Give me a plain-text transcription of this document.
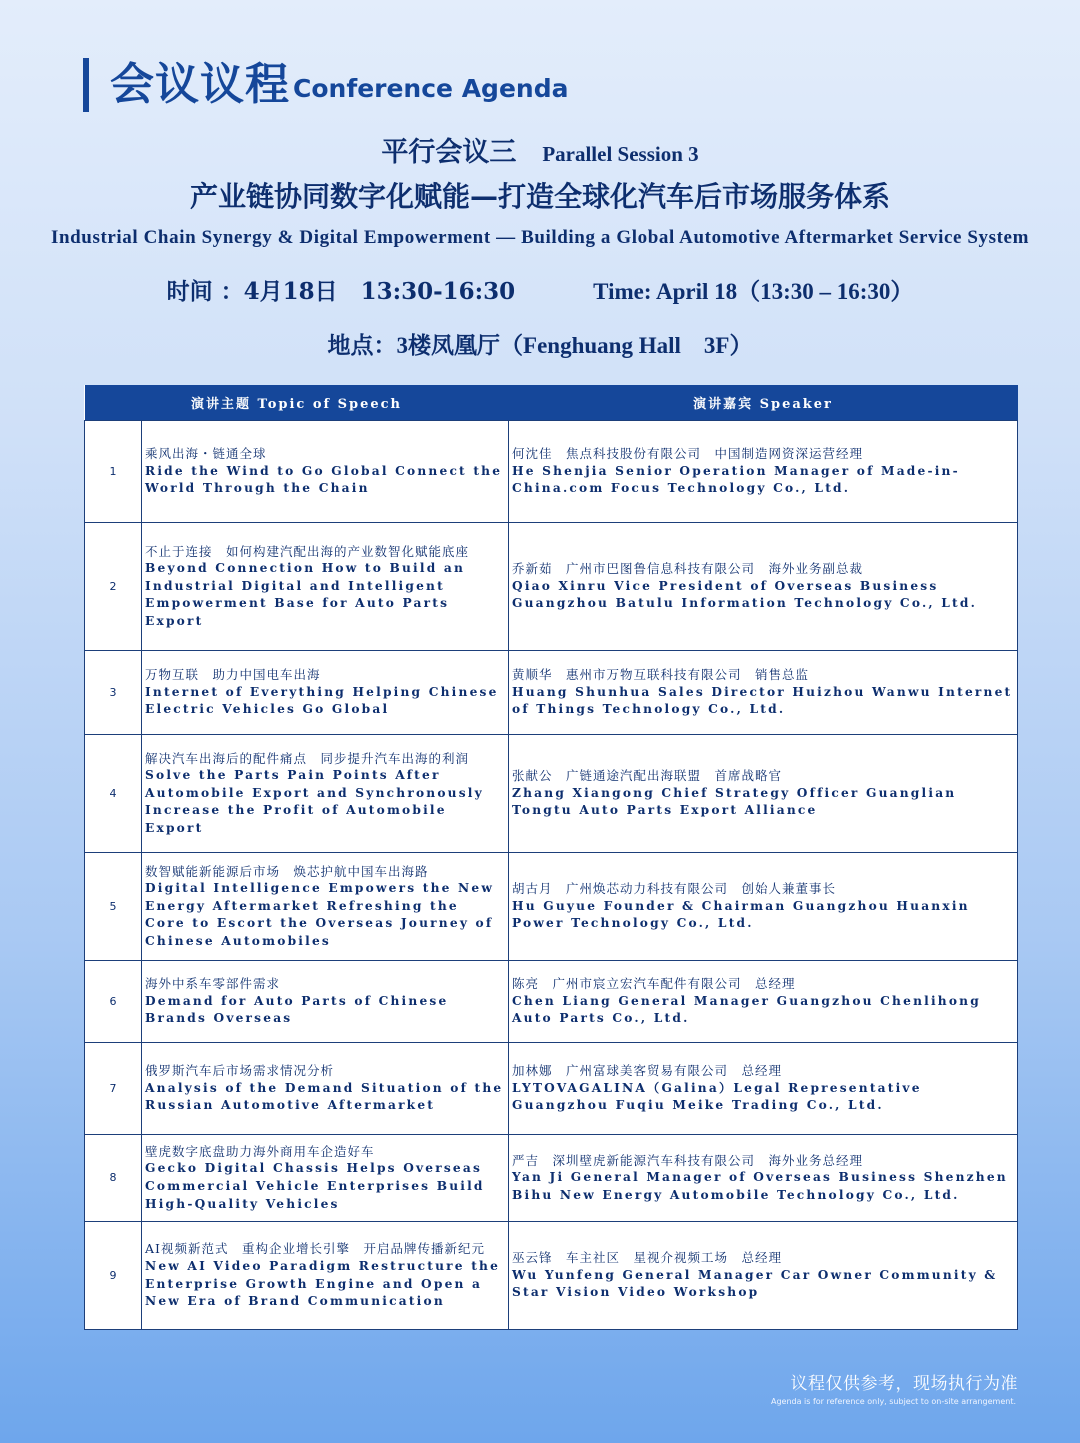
会议议程 Conference Agenda
平行会议三 Parallel Session 3
产业链协同数字化赋能—打造全球化汽车后市场服务体系
Industrial Chain Synergy & Digital Empowerment — Building a Global Automotive Aftermarket Service System
时间 ：4月18日　13:30-16:30	Time: April 18（13:30 – 16:30）
地点：3楼凤凰厅（Fenghuang Hall　3F）
演讲主题 Topic of Speech		演讲嘉宾 Speaker
1	乘风出海・链通全球
Ride the Wind to Go Global Connect the World Through the Chain	何沈佳　焦点科技股份有限公司　中国制造网资深运营经理
He Shenjia Senior Operation Manager of Made-in-China.com Focus Technology Co., Ltd.

2	不止于连接　如何构建汽配出海的产业数智化赋能底座
Beyond Connection How to Build an Industrial Digital and Intelligent Empowerment Base for Auto Parts Export	乔新茹　广州市巴图鲁信息科技有限公司　海外业务副总裁
Qiao Xinru Vice President of Overseas Business Guangzhou Batulu Information Technology Co., Ltd.

3	万物互联　助力中国电车出海
Internet of Everything Helping Chinese Electric Vehicles Go Global	黄顺华　惠州市万物互联科技有限公司　销售总监
Huang Shunhua Sales Director Huizhou Wanwu Internet of Things Technology Co., Ltd.

4	解决汽车出海后的配件痛点　同步提升汽车出海的利润
Solve the Parts Pain Points After Automobile Export and Synchronously Increase the Profit of Automobile Export	张献公　广链通途汽配出海联盟　首席战略官
Zhang Xiangong Chief Strategy Officer Guanglian Tongtu Auto Parts Export Alliance

5	数智赋能新能源后市场　焕芯护航中国车出海路
Digital Intelligence Empowers the New Energy Aftermarket Refreshing the Core to Escort the Overseas Journey of Chinese Automobiles	胡古月　广州焕芯动力科技有限公司　创始人兼董事长
Hu Guyue Founder & Chairman Guangzhou Huanxin Power Technology Co., Ltd.

6	海外中系车零部件需求
Demand for Auto Parts of Chinese Brands Overseas	陈亮　广州市宸立宏汽车配件有限公司　总经理
Chen Liang General Manager Guangzhou Chenlihong Auto Parts Co., Ltd.

7	俄罗斯汽车后市场需求情况分析
Analysis of the Demand Situation of the Russian Automotive Aftermarket	加林娜　广州富球美客贸易有限公司　总经理
LYTOVAGALINA（Galina）Legal Representative Guangzhou Fuqiu Meike Trading Co., Ltd.

8	壁虎数字底盘助力海外商用车企造好车
Gecko Digital Chassis Helps Overseas Commercial Vehicle Enterprises Build High-Quality Vehicles	严吉　深圳壁虎新能源汽车科技有限公司　海外业务总经理
Yan Ji General Manager of Overseas Business Shenzhen Bihu New Energy Automobile Technology Co., Ltd.

9	AI视频新范式　重构企业增长引擎　开启品牌传播新纪元
New AI Video Paradigm Restructure the Enterprise Growth Engine and Open a New Era of Brand Communication	巫云锋　车主社区　星视介视频工场　总经理
Wu Yunfeng General Manager Car Owner Community & Star Vision Video Workshop
议程仅供参考，现场执行为准
Agenda is for reference only, subject to on-site arrangement.
